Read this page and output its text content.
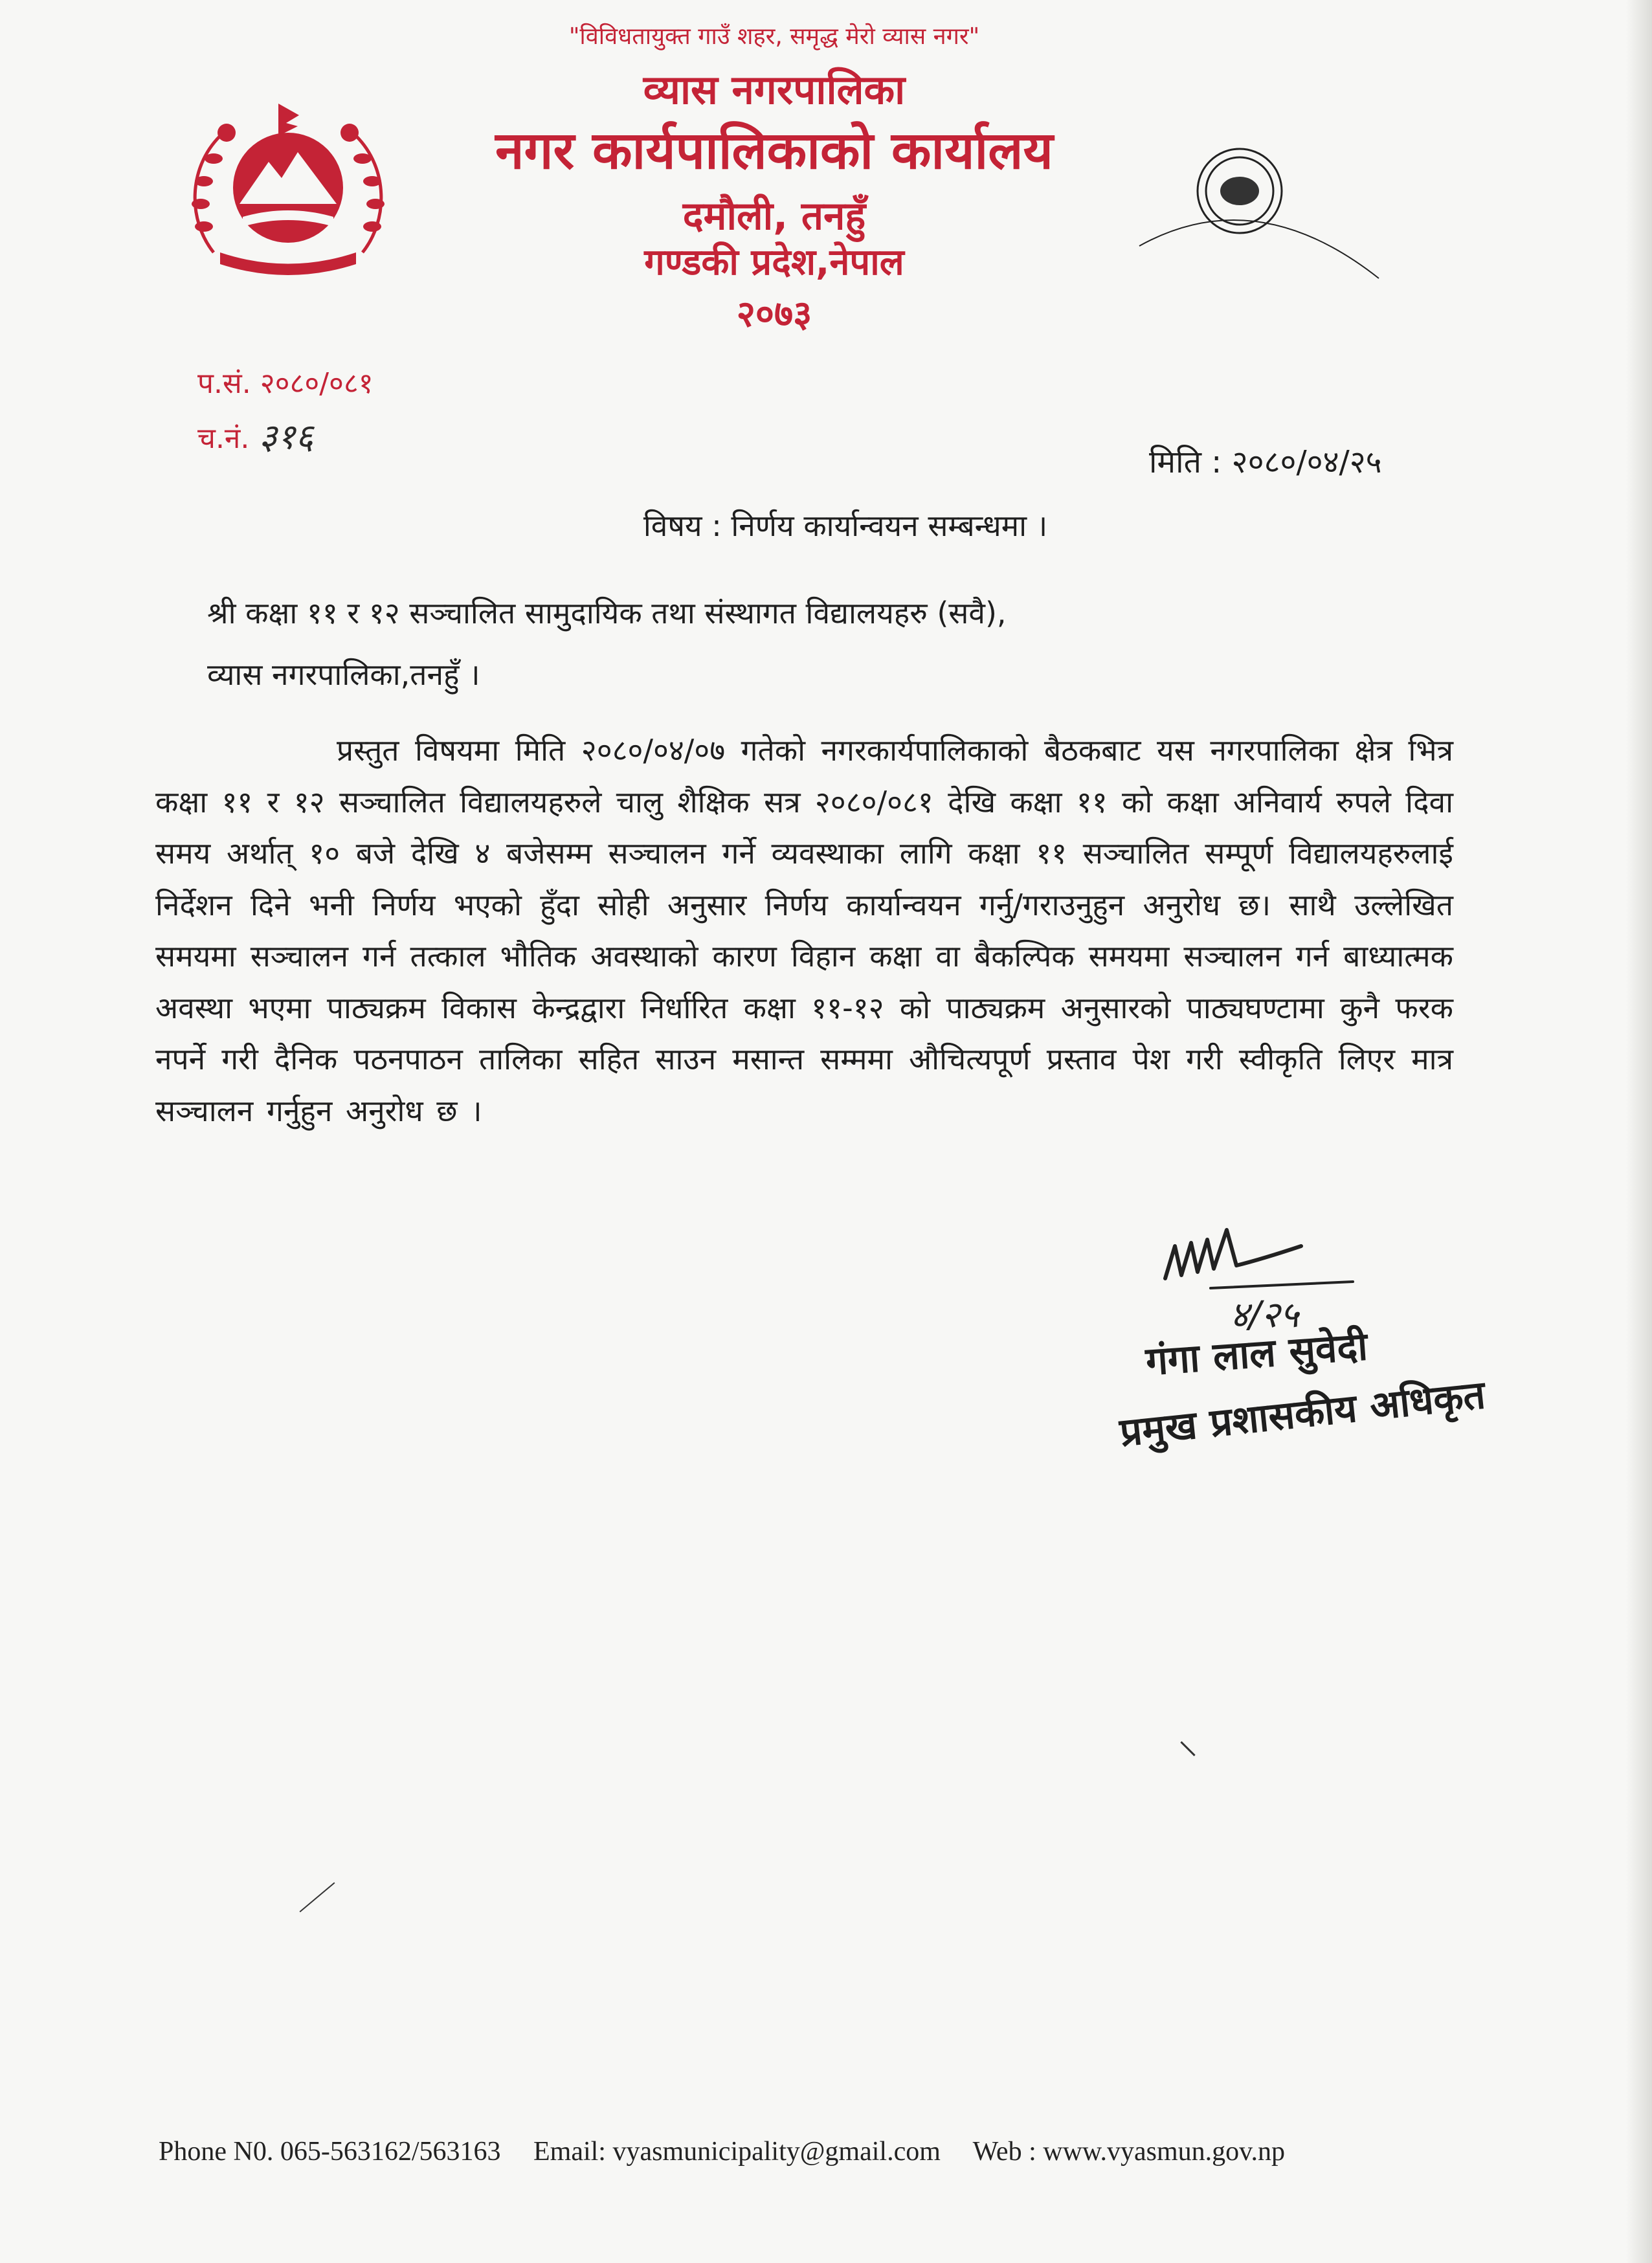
"विविधतायुक्त गाउँ शहर, समृद्ध मेरो व्यास नगर"
व्यास नगरपालिका
नगर कार्यपालिकाको कार्यालय
दमौली, तनहुँ
गण्डकी प्रदेश,नेपाल
२०७३
प.सं. २०८०/०८१
च.नं. ३१६
मिति : २०८०/०४/२५
विषय : निर्णय कार्यान्वयन सम्बन्धमा ।
श्री कक्षा ११ र १२ सञ्चालित सामुदायिक तथा संस्थागत विद्यालयहरु (सवै),
व्यास नगरपालिका,तनहुँ ।
प्रस्तुत विषयमा मिति २०८०/०४/०७ गतेको नगरकार्यपालिकाको बैठकबाट यस नगरपालिका क्षेत्र भित्र कक्षा ११ र १२ सञ्चालित विद्यालयहरुले चालु शैक्षिक सत्र २०८०/०८१ देखि कक्षा ११ को कक्षा अनिवार्य रुपले दिवा समय अर्थात् १० बजे देखि ४ बजेसम्म सञ्चालन गर्ने व्यवस्थाका लागि कक्षा ११ सञ्चालित सम्पूर्ण विद्यालयहरुलाई निर्देशन दिने भनी निर्णय भएको हुँदा सोही अनुसार निर्णय कार्यान्वयन गर्नु/गराउनुहुन अनुरोध छ। साथै उल्लेखित समयमा सञ्चालन गर्न तत्काल भौतिक अवस्थाको कारण विहान कक्षा वा बैकल्पिक समयमा सञ्चालन गर्न बाध्यात्मक अवस्था भएमा पाठ्यक्रम विकास केन्द्रद्वारा निर्धारित कक्षा ११-१२ को पाठ्यक्रम अनुसारको पाठ्यघण्टामा कुनै फरक नपर्ने गरी दैनिक पठनपाठन तालिका सहित साउन मसान्त सम्ममा औचित्यपूर्ण प्रस्ताव पेश गरी स्वीकृति लिएर मात्र सञ्चालन गर्नुहुन अनुरोध छ ।
४/२५
गंगा लाल सुवेदी
प्रमुख प्रशासकीय अधिकृत
Phone N0. 065-563162/563163 Email: vyasmunicipality@gmail.com Web : www.vyasmun.gov.np
